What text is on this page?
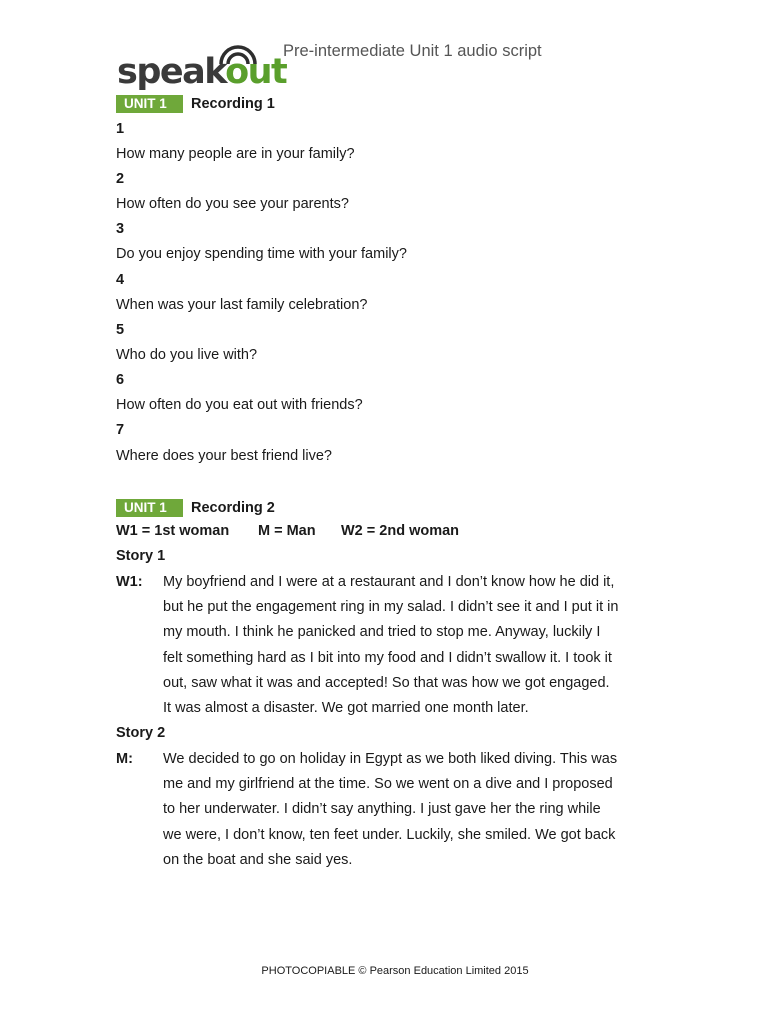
speakout
Pre-intermediate Unit 1 audio script
UNIT 1	Recording 1
1
How many people are in your family?
2
How often do you see your parents?
3
Do you enjoy spending time with your family?
4
When was your last family celebration?
5
Who do you live with?
6
How often do you eat out with friends?
7
Where does your best friend live?
UNIT 1	Recording 2
W1 = 1st woman M = Man W2 = 2nd woman
Story 1
W1: My boyfriend and I were at a restaurant and I don’t know how he did it,
but he put the engagement ring in my salad. I didn’t see it and I put it in
my mouth. I think he panicked and tried to stop me. Anyway, luckily I
felt something hard as I bit into my food and I didn’t swallow it. I took it
out, saw what it was and accepted! So that was how we got engaged.
It was almost a disaster. We got married one month later.
Story 2
M: We decided to go on holiday in Egypt as we both liked diving. This was
me and my girlfriend at the time. So we went on a dive and I proposed
to her underwater. I didn’t say anything. I just gave her the ring while
we were, I don’t know, ten feet under. Luckily, she smiled. We got back
on the boat and she said yes.
PHOTOCOPIABLE © Pearson Education Limited 2015
